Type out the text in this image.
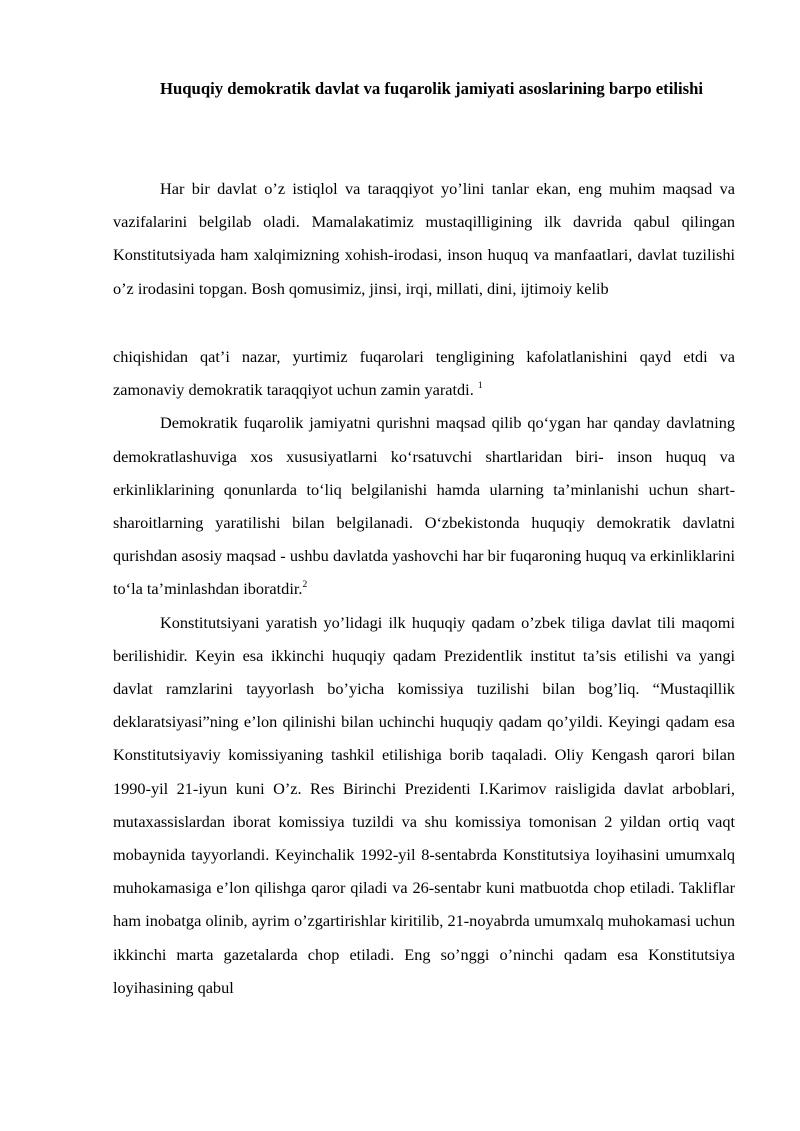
Huquqiy demokratik davlat va fuqarolik jamiyati asoslarining barpo etilishi

Har bir davlat o’z istiqlol va taraqqiyot yo’lini tanlar ekan, eng muhim maqsad va vazifalarini belgilab oladi. Mamalakatimiz mustaqilligining ilk davrida qabul qilingan Konstitutsiyada ham xalqimizning xohish-irodasi, inson huquq va manfaatlari, davlat tuzilishi o’z irodasini topgan. Bosh qomusimiz, jinsi, irqi, millati, dini, ijtimoiy kelib

chiqishidan qat’i nazar, yurtimiz fuqarolari tengligining kafolatlanishini qayd etdi va zamonaviy demokratik taraqqiyot uchun zamin yaratdi. $^1$

Demokratik fuqarolik jamiyatni qurishni maqsad qilib qo‘ygan har qanday davlatning demokratlashuviga xos xususiyatlarni ko‘rsatuvchi shartlaridan biri- inson huquq va erkinliklarining qonunlarda to‘liq belgilanishi hamda ularning ta’minlanishi uchun shart-sharoitlarning yaratilishi bilan belgilanadi. O‘zbekistonda huquqiy demokratik davlatni qurishdan asosiy maqsad - ushbu davlatda yashovchi har bir fuqaroning huquq va erkinliklarini to‘la ta’minlashdan iboratdir.$^2$

Konstitutsiyani yaratish yo’lidagi ilk huquqiy qadam o’zbek tiliga davlat tili maqomi berilishidir. Keyin esa ikkinchi huquqiy qadam Prezidentlik institut ta’sis etilishi va yangi davlat ramzlarini tayyorlash bo’yicha komissiya tuzilishi bilan bog’liq. “Mustaqillik deklaratsiyasi”ning e’lon qilinishi bilan uchinchi huquqiy qadam qo’yildi. Keyingi qadam esa Konstitutsiyaviy komissiyaning tashkil etilishiga borib taqaladi. Oliy Kengash qarori bilan 1990-yil 21-iyun kuni O’z. Res Birinchi Prezidenti I.Karimov raisligida davlat arboblari, mutaxassislardan iborat komissiya tuzildi va shu komissiya tomonisan 2 yildan ortiq vaqt mobaynida tayyorlandi. Keyinchalik 1992-yil 8-sentabrda Konstitutsiya loyihasini umumxalq muhokamasiga e’lon qilishga qaror qiladi va 26-sentabr kuni matbuotda chop etiladi. Takliflar ham inobatga olinib, ayrim o’zgartirishlar kiritilib, 21-noyabrda umumxalq muhokamasi uchun ikkinchi marta gazetalarda chop etiladi. Eng so’nggi o’ninchi qadam esa Konstitutsiya loyihasining qabul
